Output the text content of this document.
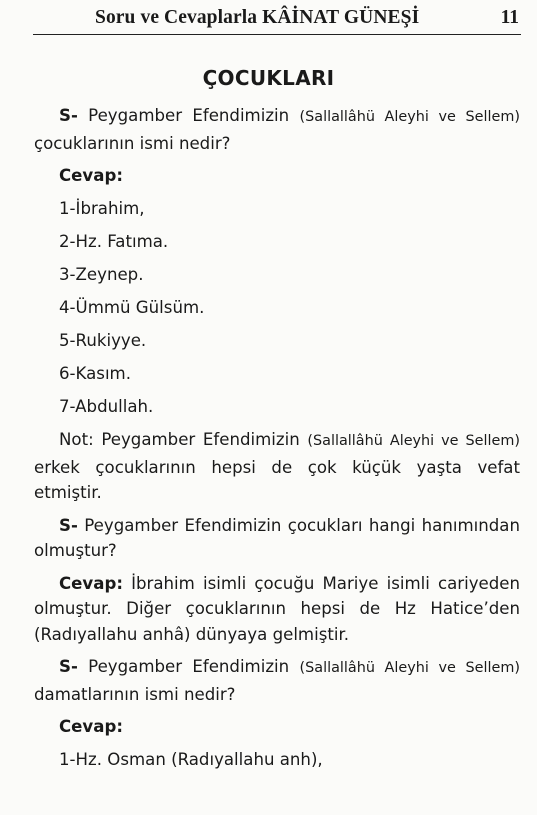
Soru ve Cevaplarla KÂİNAT GÜNEŞİ	11
ÇOCUKLARI

S- Peygamber Efendimizin (Sallallâhü Aleyhi ve Sellem) çocuklarının ismi nedir?

Cevap:

1-İbrahim,

2-Hz. Fatıma.

3-Zeynep.

4-Ümmü Gülsüm.

5-Rukiyye.

6-Kasım.

7-Abdullah.

Not: Peygamber Efendimizin (Sallallâhü Aleyhi ve Sellem) erkek çocuklarının hepsi de çok küçük yaşta vefat etmiştir.

S- Peygamber Efendimizin çocukları hangi hanımından olmuştur?

Cevap: İbrahim isimli çocuğu Mariye isimli cariyeden olmuştur. Diğer çocuklarının hepsi de Hz Hatice’den (Radıyallahu anhâ) dünyaya gelmiştir.

S- Peygamber Efendimizin (Sallallâhü Aleyhi ve Sellem) damatlarının ismi nedir?

Cevap:

1-Hz. Osman (Radıyallahu anh),
